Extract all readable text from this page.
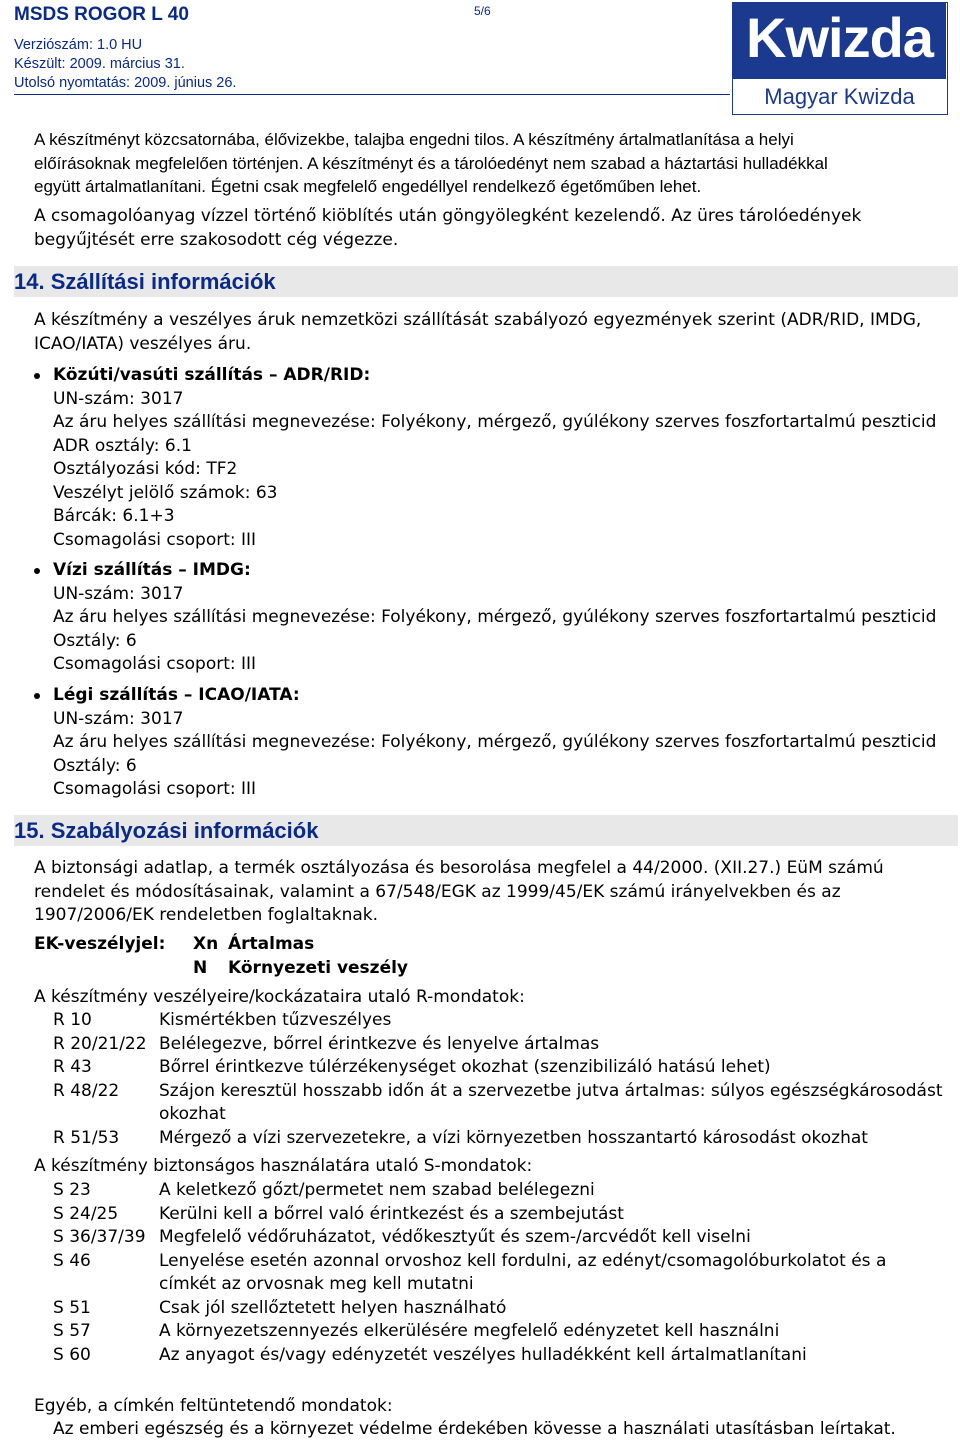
MSDS ROGOR L 40	5/6
Verziószám: 1.0 HU
Készült: 2009. március 31.
Utolsó nyomtatás: 2009. június 26.
Kwizda
Magyar Kwizda
A készítményt közcsatornába, élővizekbe, talajba engedni tilos. A készítmény ártalmatlanítása a helyi
előírásoknak megfelelően történjen. A készítményt és a tárolóedényt nem szabad a háztartási hulladékkal
együtt ártalmatlanítani. Égetni csak megfelelő engedéllyel rendelkező égetőműben lehet.
A csomagolóanyag vízzel történő kiöblítés után göngyölegként kezelendő. Az üres tárolóedények
begyűjtését erre szakosodott cég végezze.
14. Szállítási információk
A készítmény a veszélyes áruk nemzetközi szállítását szabályozó egyezmények szerint (ADR/RID, IMDG,
ICAO/IATA) veszélyes áru.
Közúti/vasúti szállítás – ADR/RID:
UN-szám: 3017
Az áru helyes szállítási megnevezése: Folyékony, mérgező, gyúlékony szerves foszfortartalmú peszticid
ADR osztály: 6.1
Osztályozási kód: TF2
Veszélyt jelölő számok: 63
Bárcák: 6.1+3
Csomagolási csoport: III
Vízi szállítás – IMDG:
UN-szám: 3017
Az áru helyes szállítási megnevezése: Folyékony, mérgező, gyúlékony szerves foszfortartalmú peszticid
Osztály: 6
Csomagolási csoport: III
Légi szállítás – ICAO/IATA:
UN-szám: 3017
Az áru helyes szállítási megnevezése: Folyékony, mérgező, gyúlékony szerves foszfortartalmú peszticid
Osztály: 6
Csomagolási csoport: III
15. Szabályozási információk
A biztonsági adatlap, a termék osztályozása és besorolása megfelel a 44/2000. (XII.27.) EüM számú
rendelet és módosításainak, valamint a 67/548/EGK az 1999/45/EK számú irányelvekben és az
1907/2006/EK rendeletben foglaltaknak.
EK-veszélyjel: Xn Ártalmas
N Környezeti veszély
A készítmény veszélyeire/kockázataira utaló R-mondatok:
R 10	Kismértékben tűzveszélyes
R 20/21/22 Belélegezve, bőrrel érintkezve és lenyelve ártalmas
R 43	Bőrrel érintkezve túlérzékenységet okozhat (szenzibilizáló hatású lehet)
R 48/22 Szájon keresztül hosszabb időn át a szervezetbe jutva ártalmas: súlyos egészségkárosodást
okozhat
R 51/53 Mérgező a vízi szervezetekre, a vízi környezetben hosszantartó károsodást okozhat
A készítmény biztonságos használatára utaló S-mondatok:
S 23	A keletkező gőzt/permetet nem szabad belélegezni
S 24/25 Kerülni kell a bőrrel való érintkezést és a szembejutást
S 36/37/39 Megfelelő védőruházatot, védőkesztyűt és szem-/arcvédőt kell viselni
S 46	Lenyelése esetén azonnal orvoshoz kell fordulni, az edényt/csomagolóburkolatot és a
címkét az orvosnak meg kell mutatni
S 51	Csak jól szellőztetett helyen használható
S 57	A környezetszennyezés elkerülésére megfelelő edényzetet kell használni
S 60	Az anyagot és/vagy edényzetét veszélyes hulladékként kell ártalmatlanítani
Egyéb, a címkén feltüntetendő mondatok:
Az emberi egészség és a környezet védelme érdekében kövesse a használati utasításban leírtakat.
